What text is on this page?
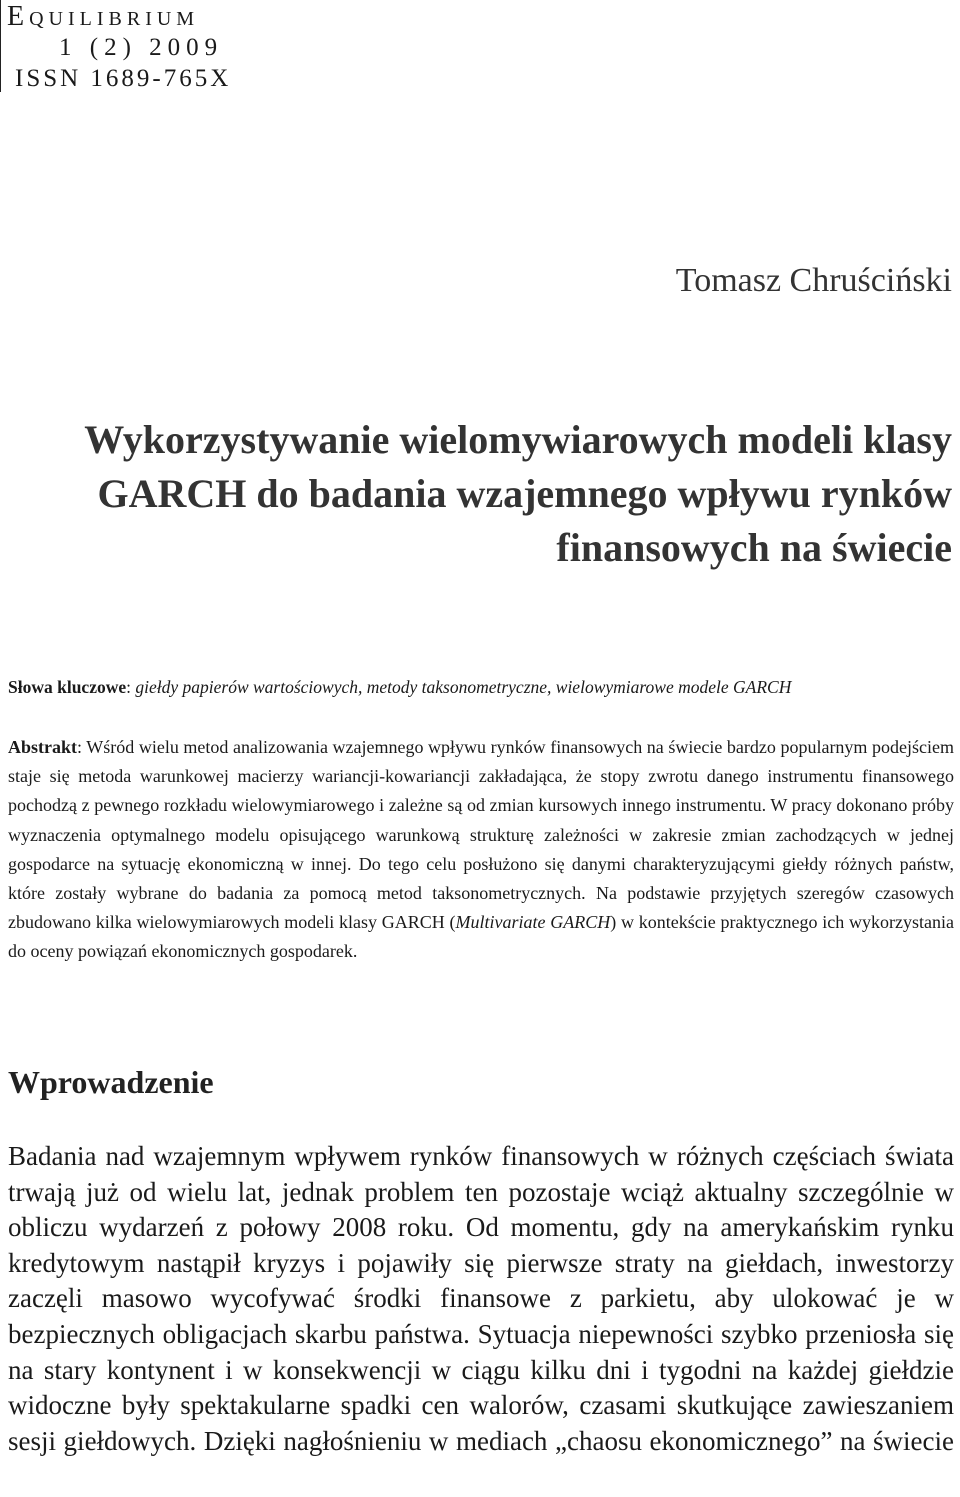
Equilibrium
1 (2) 2009
ISSN 1689-765X
Tomasz Chruściński
Wykorzystywanie wielomywiarowych modeli klasy
GARCH do badania wzajemnego wpływu rynków
finansowych na świecie
Słowa kluczowe: giełdy papierów wartościowych, metody taksonometryczne, wielowymiarowe modele GARCH
Abstrakt: Wśród wielu metod analizowania wzajemnego wpływu rynków finansowych na świecie bardzo popularnym podejściem staje się metoda warunkowej macierzy wariancji-kowariancji zakładająca, że stopy zwrotu danego instrumentu finansowego pochodzą z pewnego rozkładu wielowymiarowego i zależne są od zmian kursowych innego instrumentu. W pracy dokonano próby wyznaczenia optymalnego modelu opisującego warunkową strukturę zależności w zakresie zmian zachodzących w jednej gospodarce na sytuację ekonomiczną w innej. Do tego celu posłużono się danymi charakteryzującymi giełdy różnych państw, które zostały wybrane do badania za pomocą metod taksonometrycznych. Na podstawie przyjętych szeregów czasowych zbudowano kilka wielowymiarowych modeli klasy GARCH (Multivariate GARCH) w kontekście praktycznego ich wykorzystania do oceny powiązań ekonomicznych gospodarek.
Wprowadzenie
Badania nad wzajemnym wpływem rynków finansowych w różnych częściach świata trwają już od wielu lat, jednak problem ten pozostaje wciąż aktualny szczególnie w obliczu wydarzeń z połowy 2008 roku. Od momentu, gdy na amerykańskim rynku kredytowym nastąpił kryzys i pojawiły się pierwsze straty na giełdach, inwestorzy zaczęli masowo wycofywać środki finansowe z parkietu, aby ulokować je w bezpiecznych obligacjach skarbu państwa. Sytuacja niepewności szybko przeniosła się na stary kontynent i w konsekwencji w ciągu kilku dni i tygodni na każdej giełdzie widoczne były spektakularne spadki cen walorów, czasami skutkujące zawieszaniem sesji giełdowych. Dzięki nagłośnieniu w mediach „chaosu ekonomicznego” na świecie
